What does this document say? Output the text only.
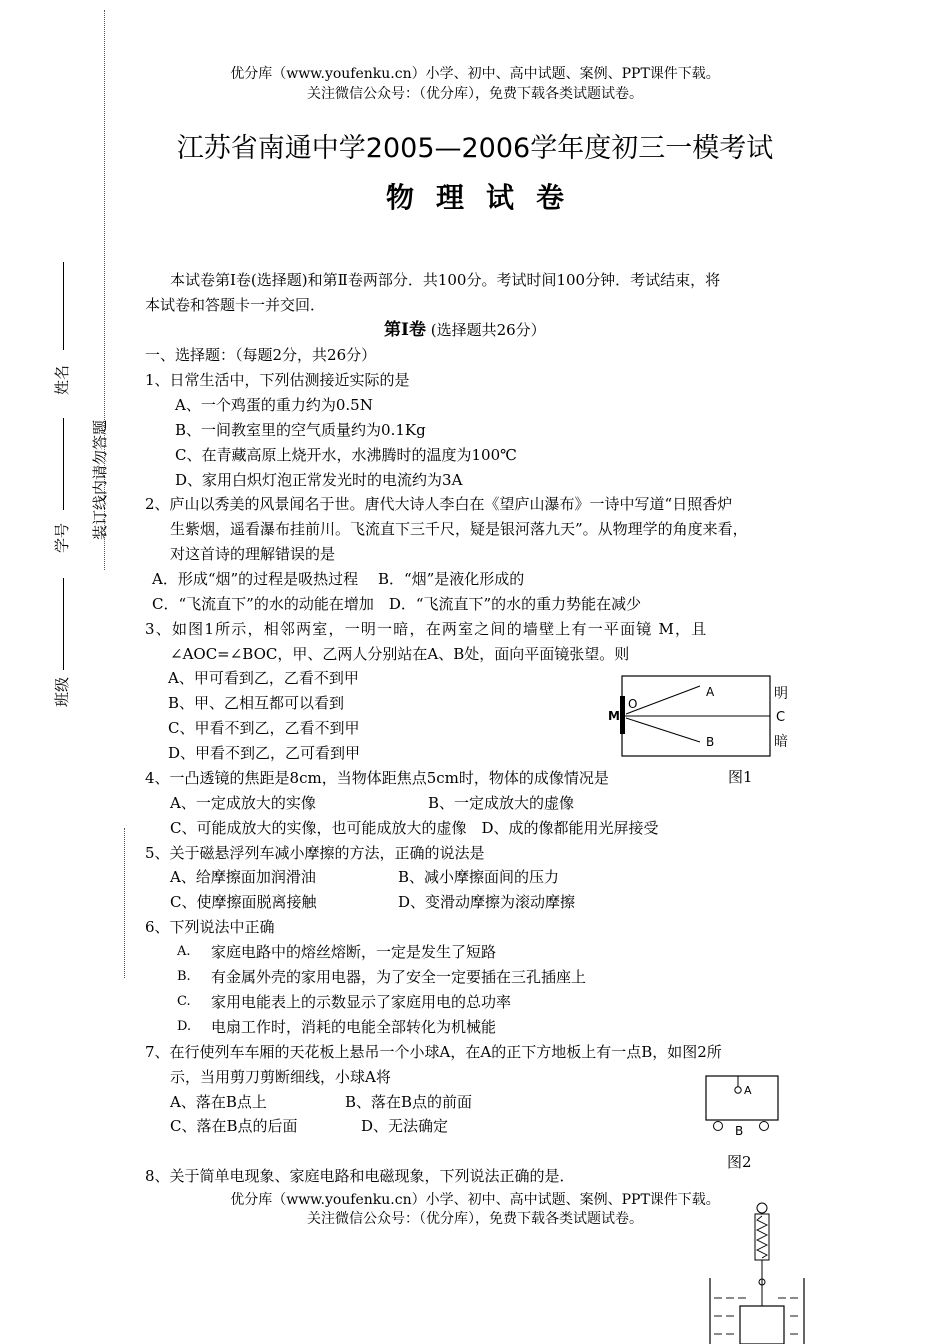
优分库（www.youfenku.cn）小学、初中、高中试题、案例、PPT课件下载。
关注微信公众号：（优分库），免费下载各类试题试卷。
江苏省南通中学2005—2006学年度初三一模考试
物理试卷
姓名
学号
班级
装订线内请勿答题
本试卷第Ⅰ卷(选择题)和第Ⅱ卷两部分．共100分。考试时间100分钟．考试结束，将
本试卷和答题卡一并交回．
第Ⅰ卷 (选择题共26分）
一、选择题：（每题2分，共26分）
1、日常生活中，下列估测接近实际的是
A、一个鸡蛋的重力约为0.5N
B、一间教室里的空气质量约为0.1Kg
C、在青藏高原上烧开水，水沸腾时的温度为100℃
D、家用白炽灯泡正常发光时的电流约为3A
2、庐山以秀美的风景闻名于世。唐代大诗人李白在《望庐山瀑布》一诗中写道“日照香炉
生紫烟，遥看瀑布挂前川。飞流直下三千尺，疑是银河落九天”。从物理学的角度来看，
对这首诗的理解错误的是
A．形成“烟”的过程是吸热过程　 B．“烟”是液化形成的
C．“飞流直下”的水的动能在增加　D．“飞流直下”的水的重力势能在减少
3、如图1所示，相邻两室，一明一暗，在两室之间的墙壁上有一平面镜 M，且
∠AOC=∠BOC，甲、乙两人分别站在A、B处，面向平面镜张望。则
A、甲可看到乙，乙看不到甲
B、甲、乙相互都可以看到
C、甲看不到乙，乙看不到甲
D、甲看不到乙，乙可看到甲
M
O
A
B
明
C
暗
图1
4、一凸透镜的焦距是8cm，当物体距焦点5cm时，物体的成像情况是
A、一定成放大的实像	B、一定成放大的虚像
C、可能成放大的实像，也可能成放大的虚像　D、成的像都能用光屏接受
5、关于磁悬浮列车减小摩擦的方法，正确的说法是
A、给摩擦面加润滑油	B、减小摩擦面间的压力
C、使摩擦面脱离接触	D、变滑动摩擦为滚动摩擦
6、下列说法中正确
A. 家庭电路中的熔丝熔断，一定是发生了短路
B. 有金属外壳的家用电器，为了安全一定要插在三孔插座上
C. 家用电能表上的示数显示了家庭用电的总功率
D. 电扇工作时，消耗的电能全部转化为机械能
7、在行使列车车厢的天花板上悬吊一个小球A，在A的正下方地板上有一点B，如图2所
示，当用剪刀剪断细线，小球A将
A、落在B点上	B、落在B点的前面
C、落在B点的后面	D、无法确定
A
B
图2
8、关于简单电现象、家庭电路和电磁现象，下列说法正确的是．
优分库（www.youfenku.cn）小学、初中、高中试题、案例、PPT课件下载。
关注微信公众号：（优分库），免费下载各类试题试卷。
